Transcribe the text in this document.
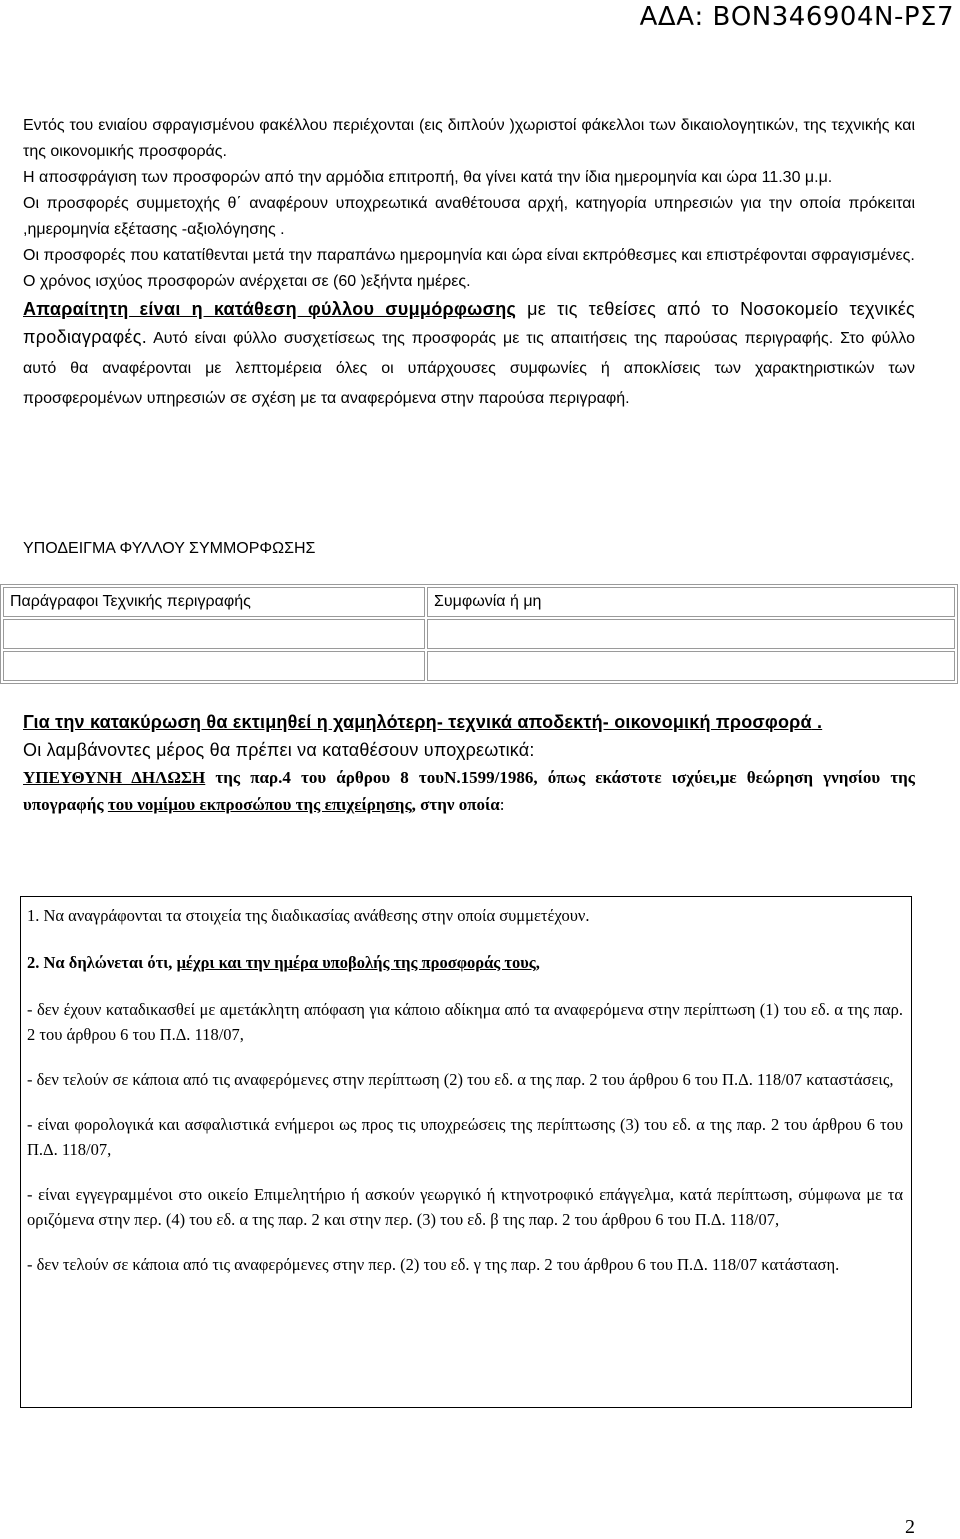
ΑΔΑ: ΒΟΝ346904Ν-ΡΣ7

Εντός του ενιαίου σφραγισμένου φακέλλου περιέχονται (εις διπλούν )χωριστοί φάκελλοι των δικαιολογητικών, της τεχνικής και της οικονομικής προσφοράς.

Η αποσφράγιση των προσφορών από την αρμόδια επιτροπή, θα γίνει κατά την ίδια ημερομηνία και ώρα 11.30 μ.μ.

Οι προσφορές συμμετοχής θ΄ αναφέρουν υποχρεωτικά αναθέτουσα αρχή, κατηγορία υπηρεσιών για την οποία πρόκειται ,ημερομηνία εξέτασης -αξιολόγησης .

Οι προσφορές που κατατίθενται μετά την παραπάνω ημερομηνία και ώρα είναι εκπρόθεσμες και επιστρέφονται σφραγισμένες.

Ο χρόνος ισχύος προσφορών ανέρχεται σε (60 )εξήντα ημέρες.

Απαραίτητη είναι η κατάθεση φύλλου συμμόρφωσης με τις τεθείσες από το Νοσοκομείο τεχνικές προδιαγραφές. Αυτό είναι φύλλο συσχετίσεως της προσφοράς με τις απαιτήσεις της παρούσας περιγραφής. Στο φύλλο αυτό θα αναφέρονται με λεπτομέρεια όλες οι υπάρχουσες συμφωνίες ή αποκλίσεις των χαρακτηριστικών των προσφερομένων υπηρεσιών σε σχέση με τα αναφερόμενα στην παρούσα περιγραφή.

ΥΠΟΔΕΙΓΜΑ ΦΥΛΛΟΥ ΣΥΜΜΟΡΦΩΣΗΣ
Παράγραφοι Τεχνικής περιγραφής	Συμφωνία ή μη

Για την κατακύρωση θα εκτιμηθεί η χαμηλότερη- τεχνικά αποδεκτή- οικονομική προσφορά .
Οι λαμβάνοντες μέρος θα πρέπει να καταθέσουν υποχρεωτικά:
ΥΠΕΥΘΥΝΗ ΔΗΛΩΣΗ της παρ.4 του άρθρου 8 τουΝ.1599/1986, όπως εκάστοτε ισχύει,με θεώρηση γνησίου της υπογραφής του νομίμου εκπροσώπου της επιχείρησης, στην οποία:

1. Να αναγράφονται τα στοιχεία της διαδικασίας ανάθεσης στην οποία συμμετέχουν.

2. Να δηλώνεται ότι, μέχρι και την ημέρα υποβολής της προσφοράς τους,

- δεν έχουν καταδικασθεί με αμετάκλητη απόφαση για κάποιο αδίκημα από τα αναφερόμενα στην περίπτωση (1) του εδ. α της παρ. 2 του άρθρου 6 του Π.Δ. 118/07,

- δεν τελούν σε κάποια από τις αναφερόμενες στην περίπτωση (2) του εδ. α της παρ. 2 του άρθρου 6 του Π.Δ. 118/07 καταστάσεις,

- είναι φορολογικά και ασφαλιστικά ενήμεροι ως προς τις υποχρεώσεις της περίπτωσης (3) του εδ. α της παρ. 2 του άρθρου 6 του Π.Δ. 118/07,

- είναι εγγεγραμμένοι στο οικείο Επιμελητήριο ή ασκούν γεωργικό ή κτηνοτροφικό επάγγελμα, κατά περίπτωση, σύμφωνα με τα οριζόμενα στην περ. (4) του εδ. α της παρ. 2 και στην περ. (3) του εδ. β της παρ. 2 του άρθρου 6 του Π.Δ. 118/07,

- δεν τελούν σε κάποια από τις αναφερόμενες στην περ. (2) του εδ. γ της παρ. 2 του άρθρου 6 του Π.Δ. 118/07 κατάσταση.

2
